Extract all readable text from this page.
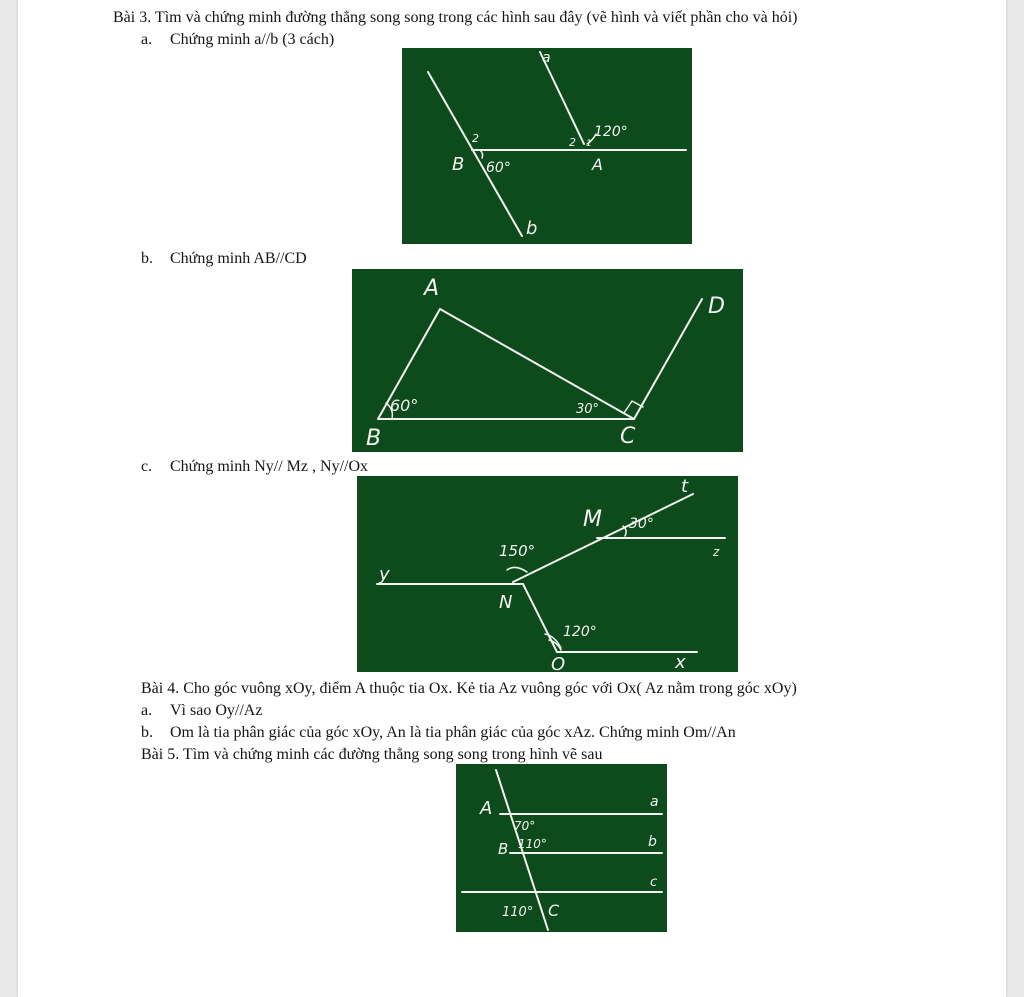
Bài 3. Tìm và chứng minh đường thẳng song song trong các hình sau đây (vẽ hình và viết phần cho và hỏi)
a. Chứng minh a//b (3 cách)
a
b
B	A
120°
60°
2	2 1
b. Chứng minh AB//CD
A
B	C
D
60°	30°
c. Chứng minh Ny// Mz , Ny//Ox
t
M
z
y
N
O	x
30°
150°
120°
Bài 4. Cho góc vuông xOy, điểm A thuộc tia Ox. Kẻ tia Az vuông góc với Ox( Az nằm trong góc xOy)
a. Vì sao Oy//Az
b. Om là tia phân giác của góc xOy, An là tia phân giác của góc xAz. Chứng minh Om//An
Bài 5. Tìm và chứng minh các đường thẳng song song trong hình vẽ sau
A
B
C
a
b
c
70°
110°
110°
